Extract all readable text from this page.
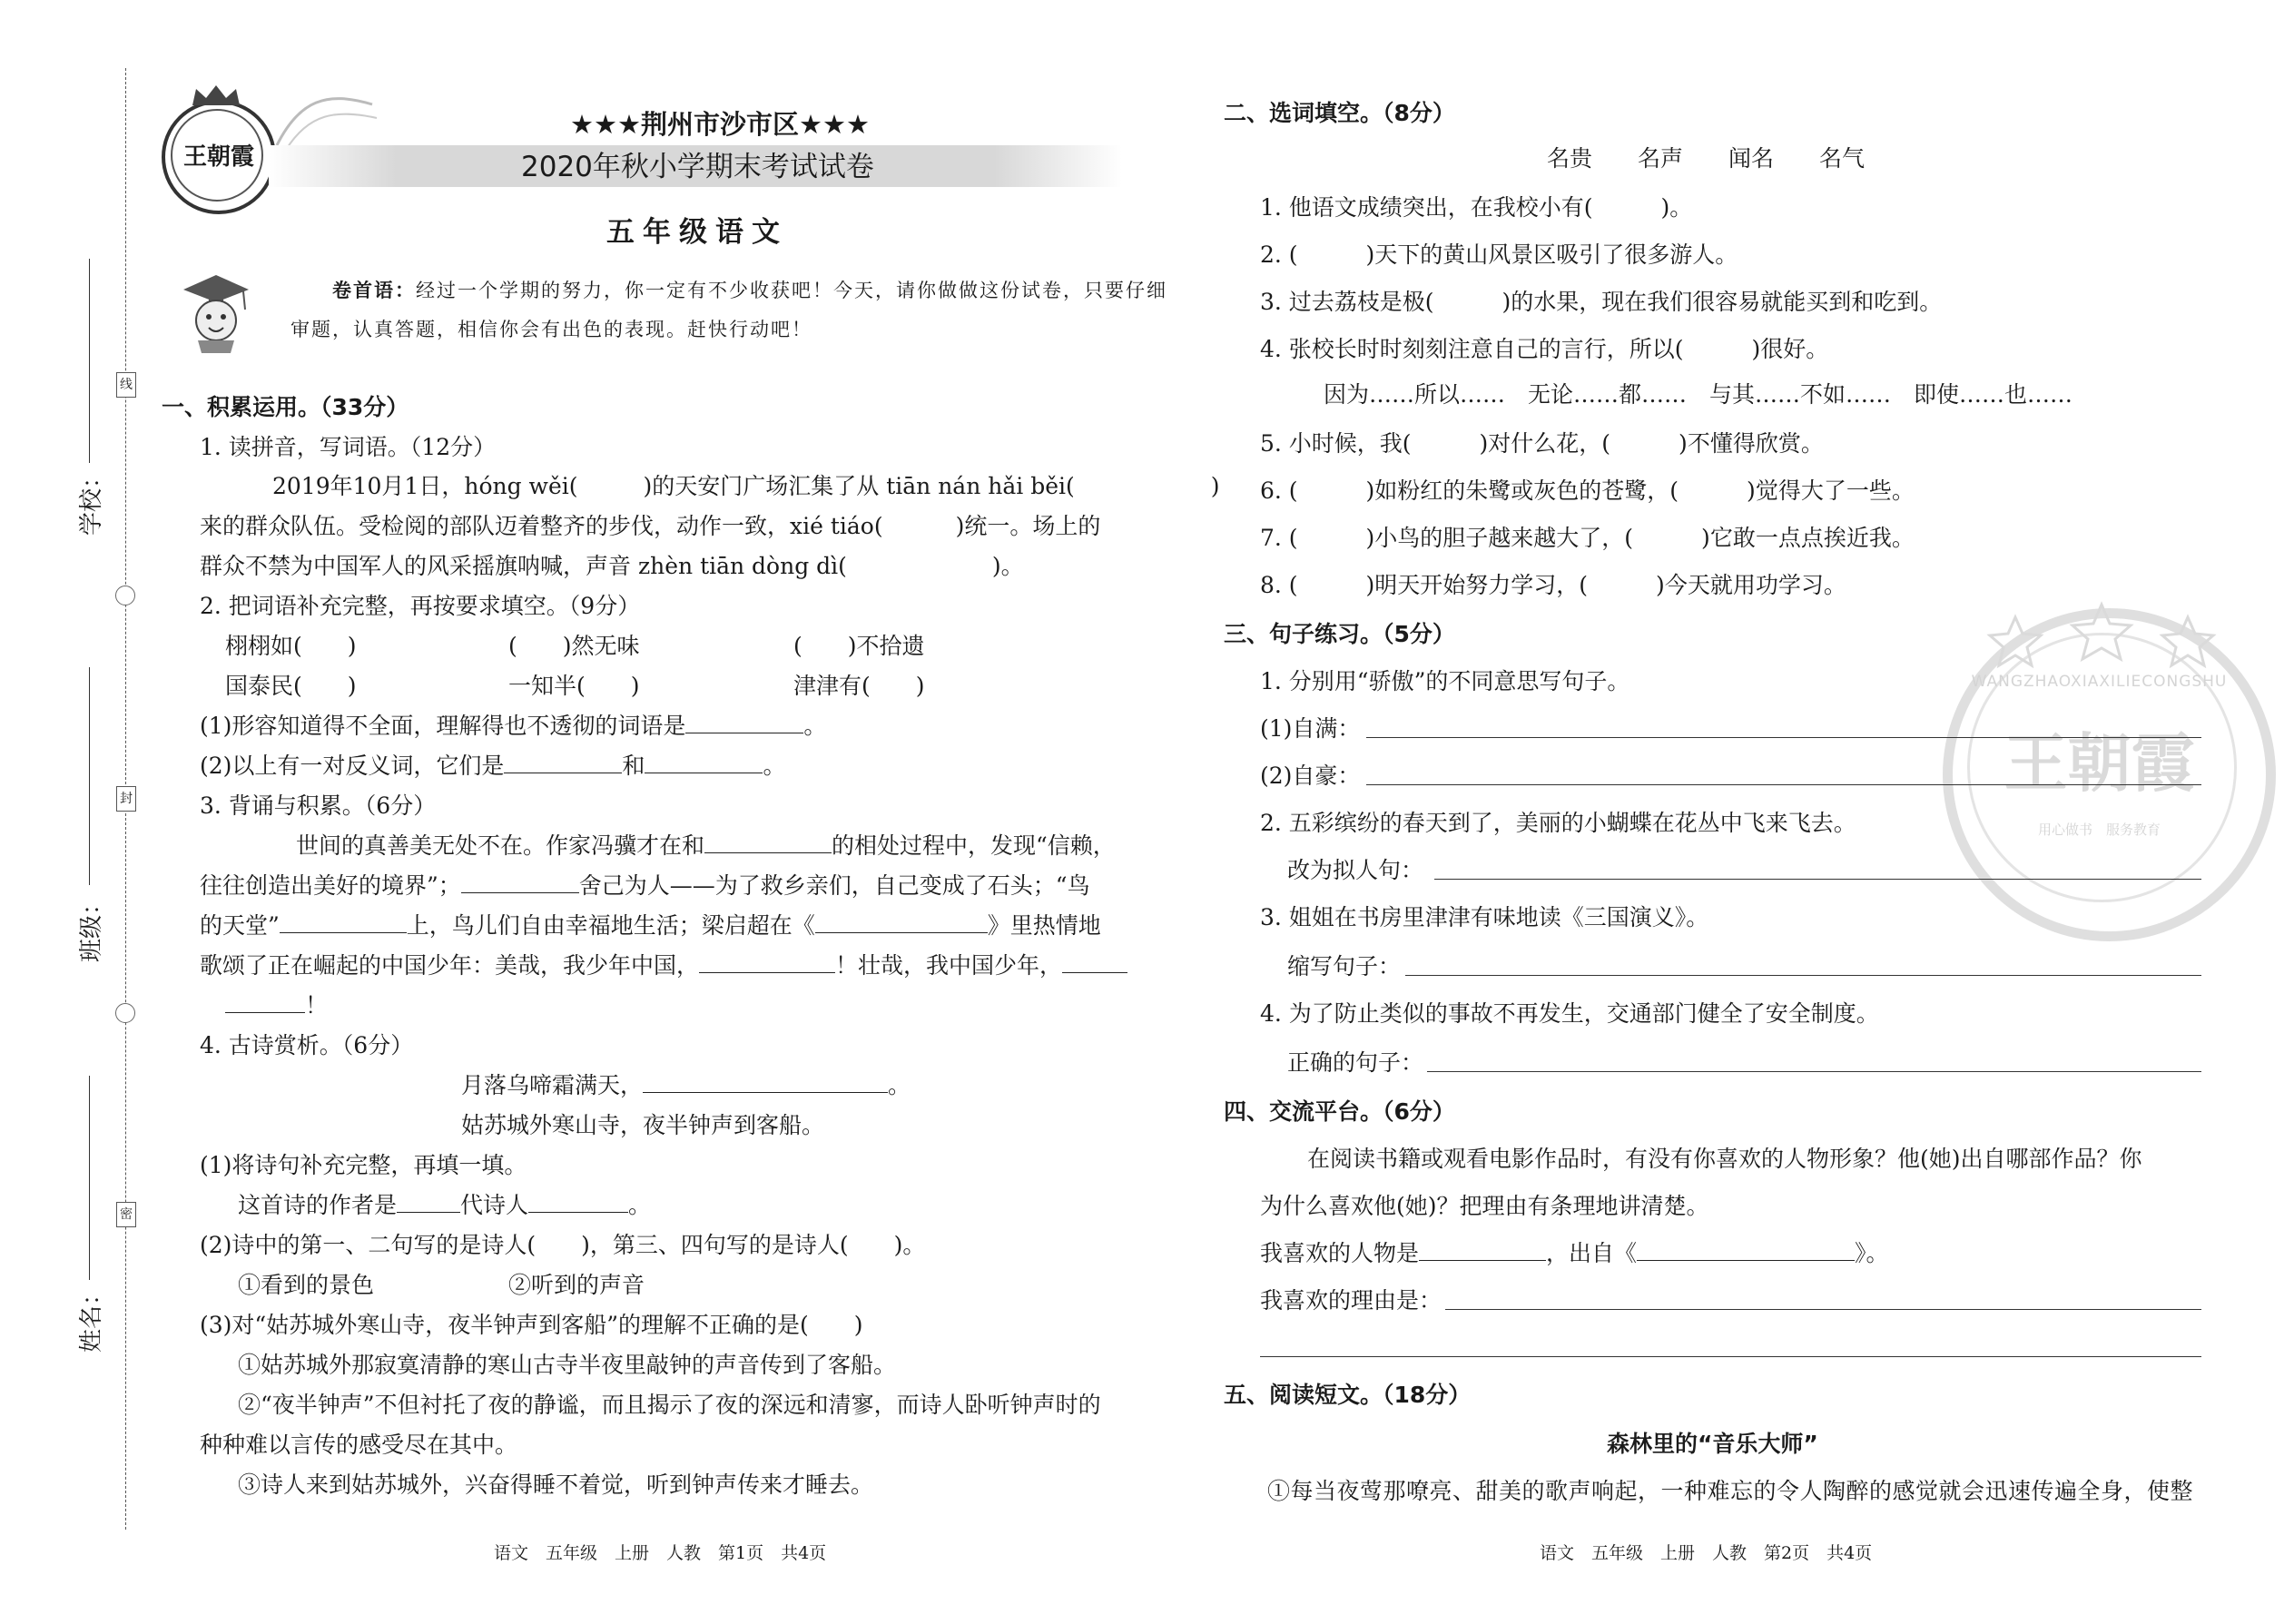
线
封
密
学校：
班级：
姓名：
王朝霞
★★★荆州市沙市区★★★
2020年秋小学期末考试试卷
五年级语文
卷首语：经过一个学期的努力，你一定有不少收获吧！今天，请你做做这份试卷，只要仔细
审题，认真答题，相信你会有出色的表现。赶快行动吧！
一、积累运用。（33分）
1. 读拼音，写词语。（12分）
2019年10月1日，hóng wěi(	)的天安门广场汇集了从 tiān nán hǎi běi(	)
来的群众队伍。受检阅的部队迈着整齐的步伐，动作一致，xié tiáo(	)统一。场上的
群众不禁为中国军人的风采摇旗呐喊，声音 zhèn tiān dòng dì(	)。
2. 把词语补充完整，再按要求填空。（9分）
栩栩如(　　)	(　　)然无味	(　　)不拾遗
国泰民(　　)	一知半(　　)	津津有(　　)
(1)形容知道得不全面，理解得也不透彻的词语是	。
(2)以上有一对反义词，它们是	和	。
3. 背诵与积累。（6分）
世间的真善美无处不在。作家冯骥才在和	的相处过程中，发现“信赖，
往往创造出美好的境界”；	舍己为人——为了救乡亲们，自己变成了石头；“鸟
的天堂”	上，鸟儿们自由幸福地生活；梁启超在《	》里热情地
歌颂了正在崛起的中国少年：美哉，我少年中国，	！壮哉，我中国少年，
！
4. 古诗赏析。（6分）
月落乌啼霜满天，	。
姑苏城外寒山寺，夜半钟声到客船。
(1)将诗句补充完整，再填一填。
这首诗的作者是	代诗人	。
(2)诗中的第一、二句写的是诗人(　　)，第三、四句写的是诗人(　　)。
①看到的景色	②听到的声音
(3)对“姑苏城外寒山寺，夜半钟声到客船”的理解不正确的是(　　)
①姑苏城外那寂寞清静的寒山古寺半夜里敲钟的声音传到了客船。
②“夜半钟声”不但衬托了夜的静谧，而且揭示了夜的深远和清寥，而诗人卧听钟声时的
种种难以言传的感受尽在其中。
③诗人来到姑苏城外，兴奋得睡不着觉，听到钟声传来才睡去。
语文　五年级　上册　人教　第1页　共4页
WANGZHAOXIAXILIECONGSHU
王朝霞
用心做书　服务教育
二、选词填空。（8分）
名贵　　名声　　闻名　　名气
1. 他语文成绩突出，在我校小有(　　　)。
2. (　　　)天下的黄山风景区吸引了很多游人。
3. 过去荔枝是极(　　　)的水果，现在我们很容易就能买到和吃到。
4. 张校长时时刻刻注意自己的言行，所以(　　　)很好。
因为……所以……　无论……都……　与其……不如……　即使……也……
5. 小时候，我(　　　)对什么花，(　　　)不懂得欣赏。
6. (　　　)如粉红的朱鹭或灰色的苍鹭，(　　　)觉得大了一些。
7. (　　　)小鸟的胆子越来越大了，(　　　)它敢一点点挨近我。
8. (　　　)明天开始努力学习，(　　　)今天就用功学习。
三、句子练习。（5分）
1. 分别用“骄傲”的不同意思写句子。
(1)自满：
(2)自豪：
2. 五彩缤纷的春天到了，美丽的小蝴蝶在花丛中飞来飞去。
改为拟人句：
3. 姐姐在书房里津津有味地读《三国演义》。
缩写句子：
4. 为了防止类似的事故不再发生，交通部门健全了安全制度。
正确的句子：
四、交流平台。（6分）
在阅读书籍或观看电影作品时，有没有你喜欢的人物形象？他(她)出自哪部作品？你
为什么喜欢他(她)？把理由有条理地讲清楚。
我喜欢的人物是	，出自《	》。
我喜欢的理由是：
五、阅读短文。（18分）
森林里的“音乐大师”
①每当夜莺那嘹亮、甜美的歌声响起，一种难忘的令人陶醉的感觉就会迅速传遍全身，使整
语文　五年级　上册　人教　第2页　共4页
